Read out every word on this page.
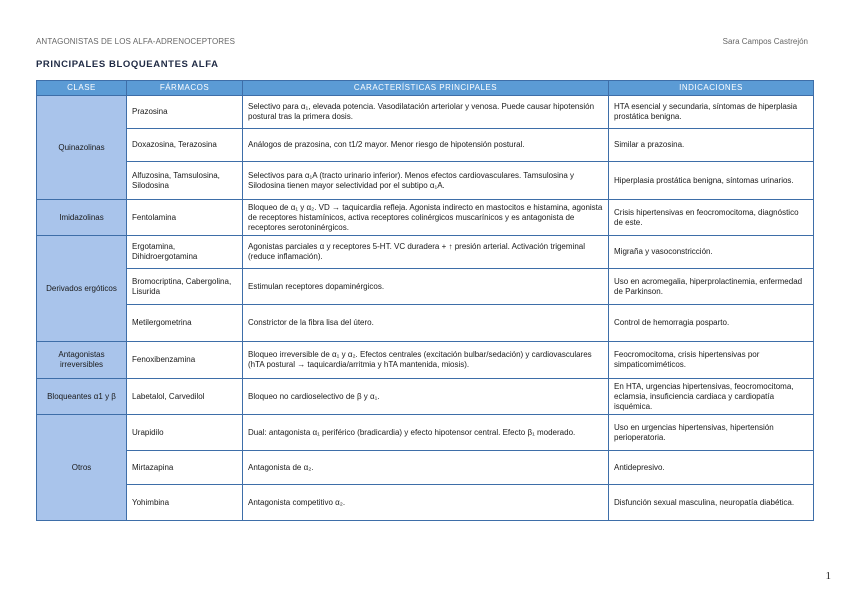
ANTAGONISTAS DE LOS ALFA-ADRENOCEPTORES	Sara Campos Castrejón
PRINCIPALES BLOQUEANTES ALFA
CLASE	FÁRMACOS	CARACTERÍSTICAS PRINCIPALES	INDICACIONES
Quinazolinas	Prazosina	Selectivo para α₁, elevada potencia. Vasodilatación arteriolar y venosa. Puede causar hipotensión postural tras la primera dosis.	HTA esencial y secundaria, síntomas de hiperplasia prostática benigna.
	Doxazosina, Terazosina	Análogos de prazosina, con t1/2 mayor. Menor riesgo de hipotensión postural.	Similar a prazosina.
	Alfuzosina, Tamsulosina, Silodosina	Selectivos para α₁A (tracto urinario inferior). Menos efectos cardiovasculares. Tamsulosina y Silodosina tienen mayor selectividad por el subtipo α₁A.	Hiperplasia prostática benigna, síntomas urinarios.
Imidazolinas	Fentolamina	Bloqueo de α₁ y α₂. VD → taquicardia refleja. Agonista indirecto en mastocitos e histamina, agonista de receptores histamínicos, activa receptores colinérgicos muscarínicos y es antagonista de receptores serotoninérgicos.	Crisis hipertensivas en feocromocitoma, diagnóstico de este.
Derivados ergóticos	Ergotamina, Dihidroergotamina	Agonistas parciales α y receptores 5-HT. VC duradera + ↑ presión arterial. Activación trigeminal (reduce inflamación).	Migraña y vasoconstricción.
	Bromocriptina, Cabergolina, Lisurida	Estimulan receptores dopaminérgicos.	Uso en acromegalia, hiperprolactinemia, enfermedad de Parkinson.
	Metilergometrina	Constrictor de la fibra lisa del útero.	Control de hemorragia posparto.
Antagonistas irreversibles	Fenoxibenzamina	Bloqueo irreversible de α₁ y α₂. Efectos centrales (excitación bulbar/sedación) y cardiovasculares (hTA postural → taquicardia/arritmia y hTA mantenida, miosis).	Feocromocitoma, crisis hipertensivas por simpaticomiméticos.
Bloqueantes α1 y β	Labetalol, Carvedilol	Bloqueo no cardioselectivo de β y α₁.	En HTA, urgencias hipertensivas, feocromocitoma, eclamsia, insuficiencia cardiaca y cardiopatía isquémica.
Otros	Urapidilo	Dual: antagonista α₁ periférico (bradicardia) y efecto hipotensor central. Efecto β₁ moderado.	Uso en urgencias hipertensivas, hipertensión perioperatoria.
	Mirtazapina	Antagonista de α₂.	Antidepresivo.
	Yohimbina	Antagonista competitivo α₂.	Disfunción sexual masculina, neuropatía diabética.
1
